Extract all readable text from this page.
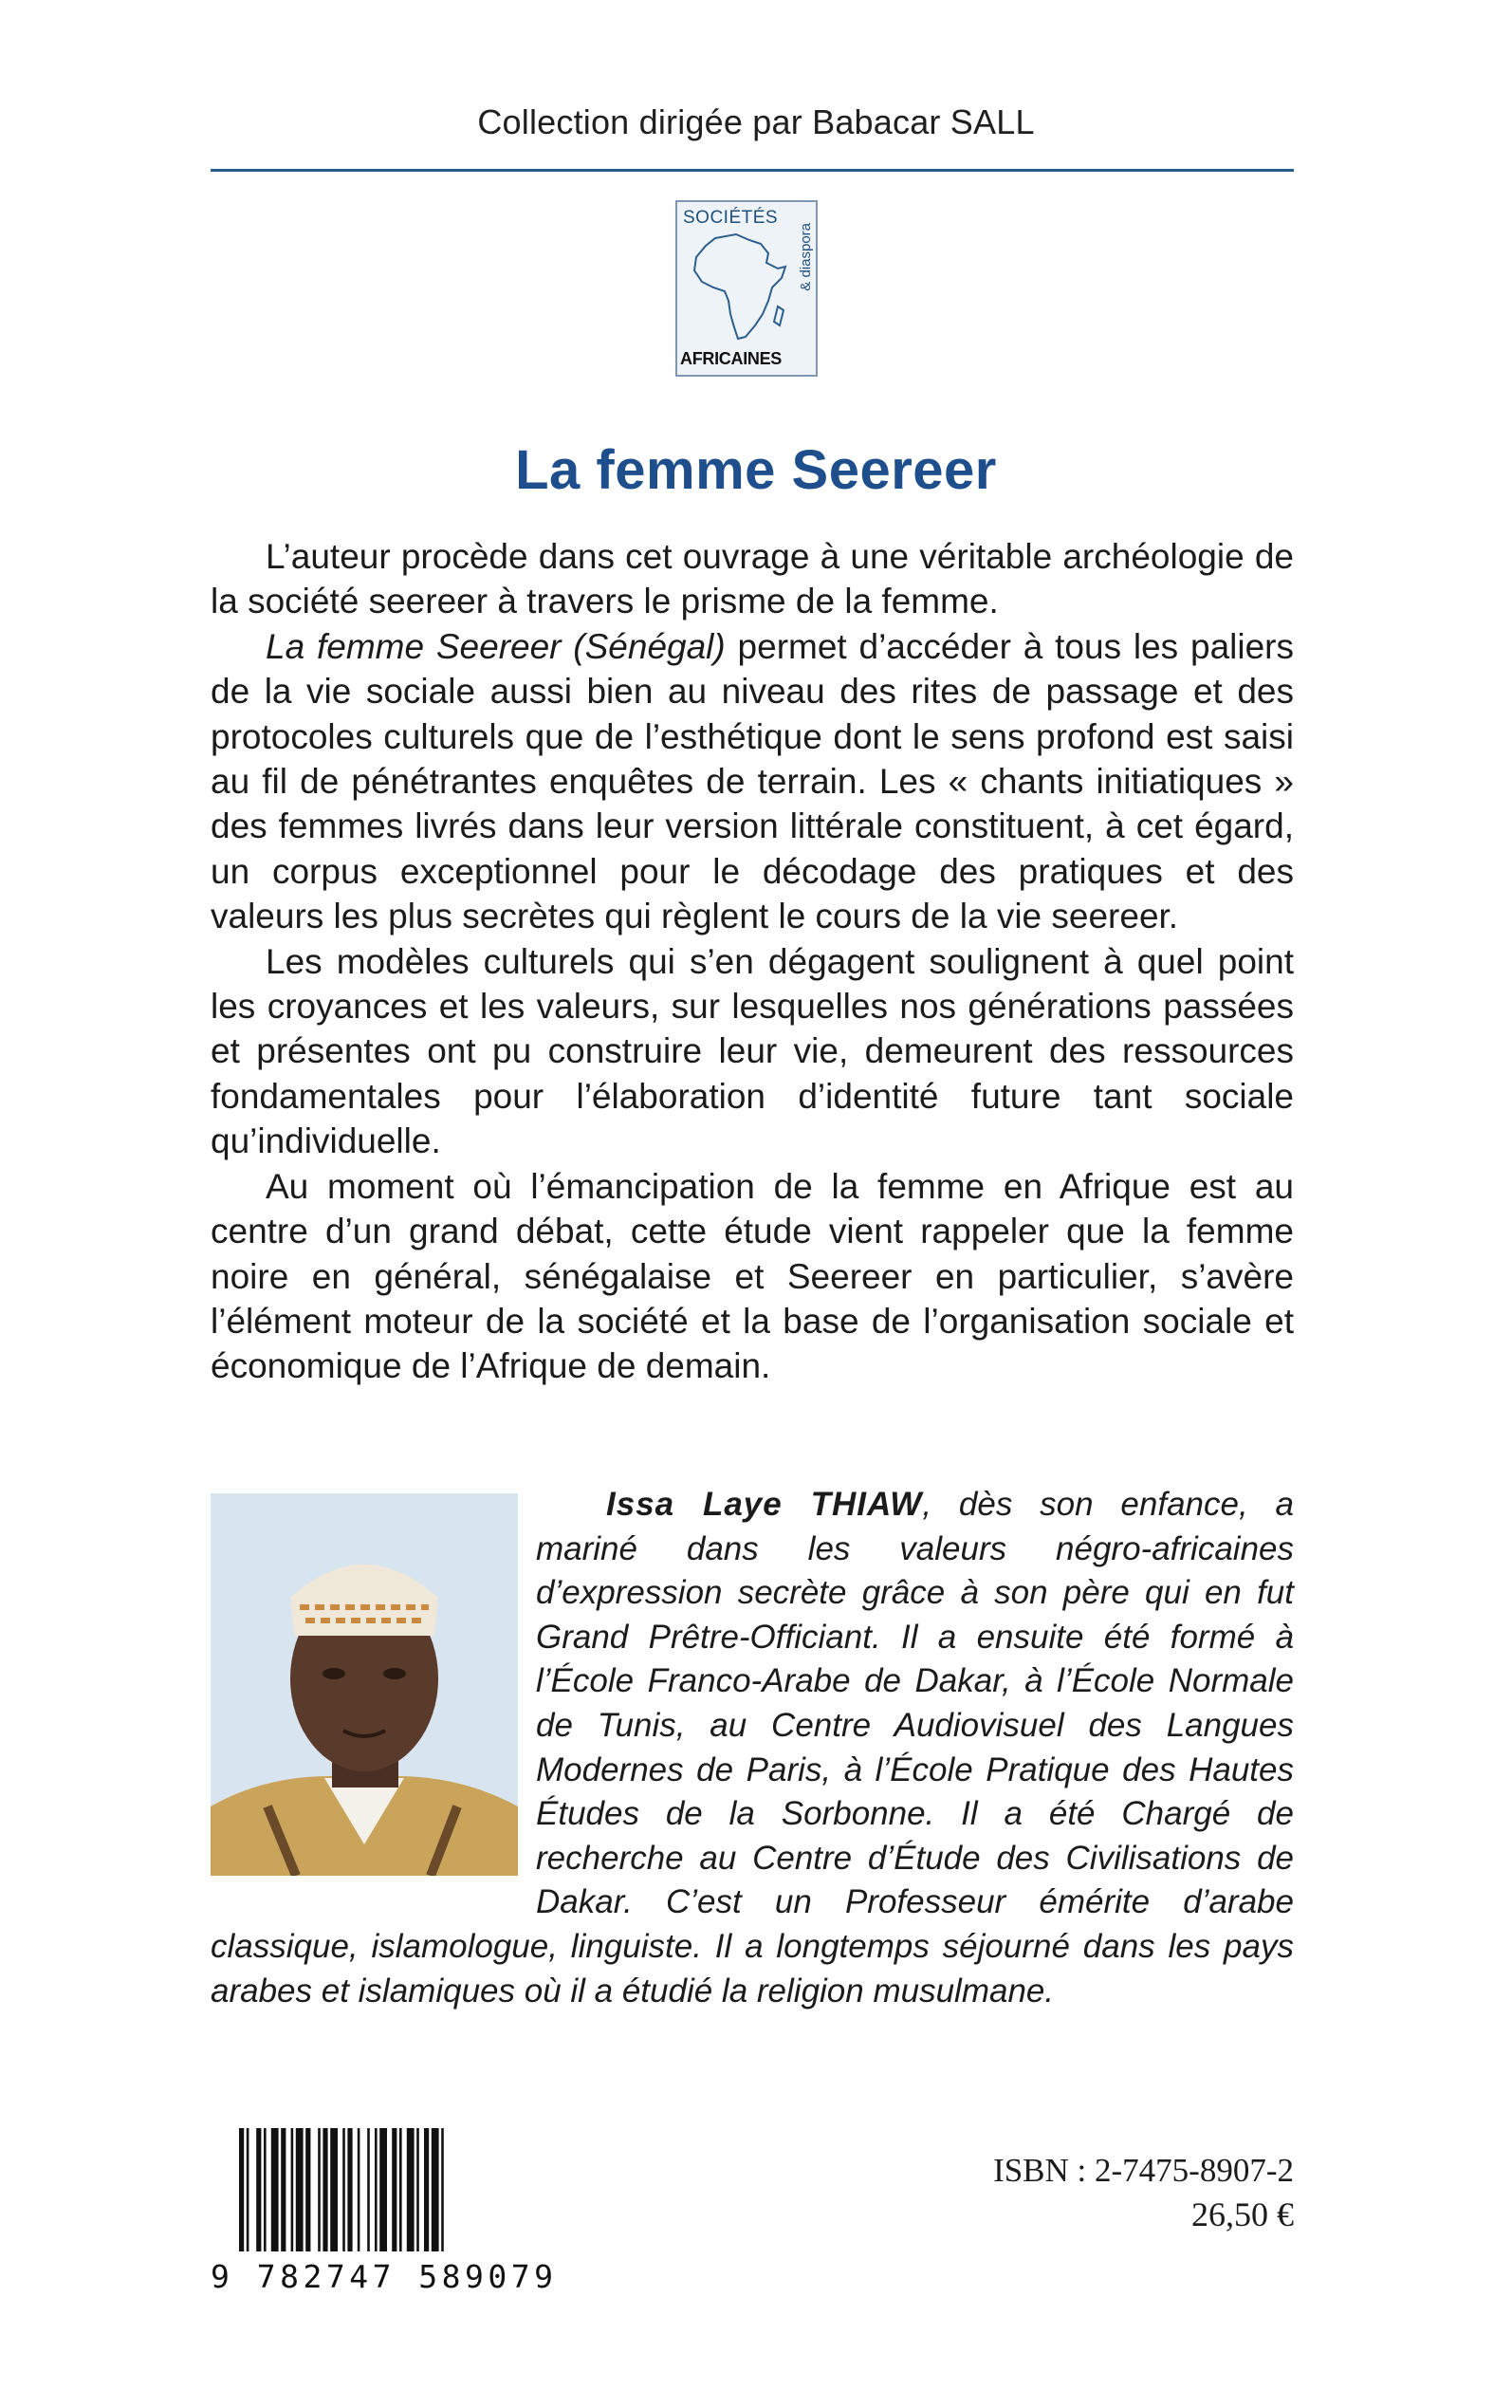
Collection dirigée par Babacar SALL
SOCIÉTÉS
& diaspora
AFRICAINES
La femme Seereer

L’auteur procède dans cet ouvrage à une véritable archéologie de la société seereer à travers le prisme de la femme.

La femme Seereer (Sénégal) permet d’accéder à tous les paliers de la vie sociale aussi bien au niveau des rites de passage et des protocoles culturels que de l’esthétique dont le sens profond est saisi au fil de pénétrantes enquêtes de terrain. Les « chants initiatiques » des femmes livrés dans leur version littérale constituent, à cet égard, un corpus exceptionnel pour le décodage des pratiques et des valeurs les plus secrètes qui règlent le cours de la vie seereer.

Les modèles culturels qui s’en dégagent soulignent à quel point les croyances et les valeurs, sur lesquelles nos générations passées et présentes ont pu construire leur vie, demeurent des ressources fondamentales pour l’élaboration d’identité future tant sociale qu’individuelle.

Au moment où l’émancipation de la femme en Afrique est au centre d’un grand débat, cette étude vient rappeler que la femme noire en général, sénégalaise et Seereer en particulier, s’avère l’élément moteur de la société et la base de l’organisation sociale et économique de l’Afrique de demain.

Issa Laye THIAW, dès son enfance, a mariné dans les valeurs négro-africaines d’expression secrète grâce à son père qui en fut Grand Prêtre-Officiant. Il a ensuite été formé à l’École Franco-Arabe de Dakar, à l’École Normale de Tunis, au Centre Audiovisuel des Langues Modernes de Paris, à l’École Pratique des Hautes Études de la Sorbonne. Il a été Chargé de recherche au Centre d’Étude des Civilisations de Dakar. C’est un Professeur émérite d’arabe classique, islamologue, linguiste. Il a longtemps séjourné dans les pays arabes et islamiques où il a étudié la religion musulmane.
9 782747 589079
ISBN : 2-7475-8907-2
26,50 €
